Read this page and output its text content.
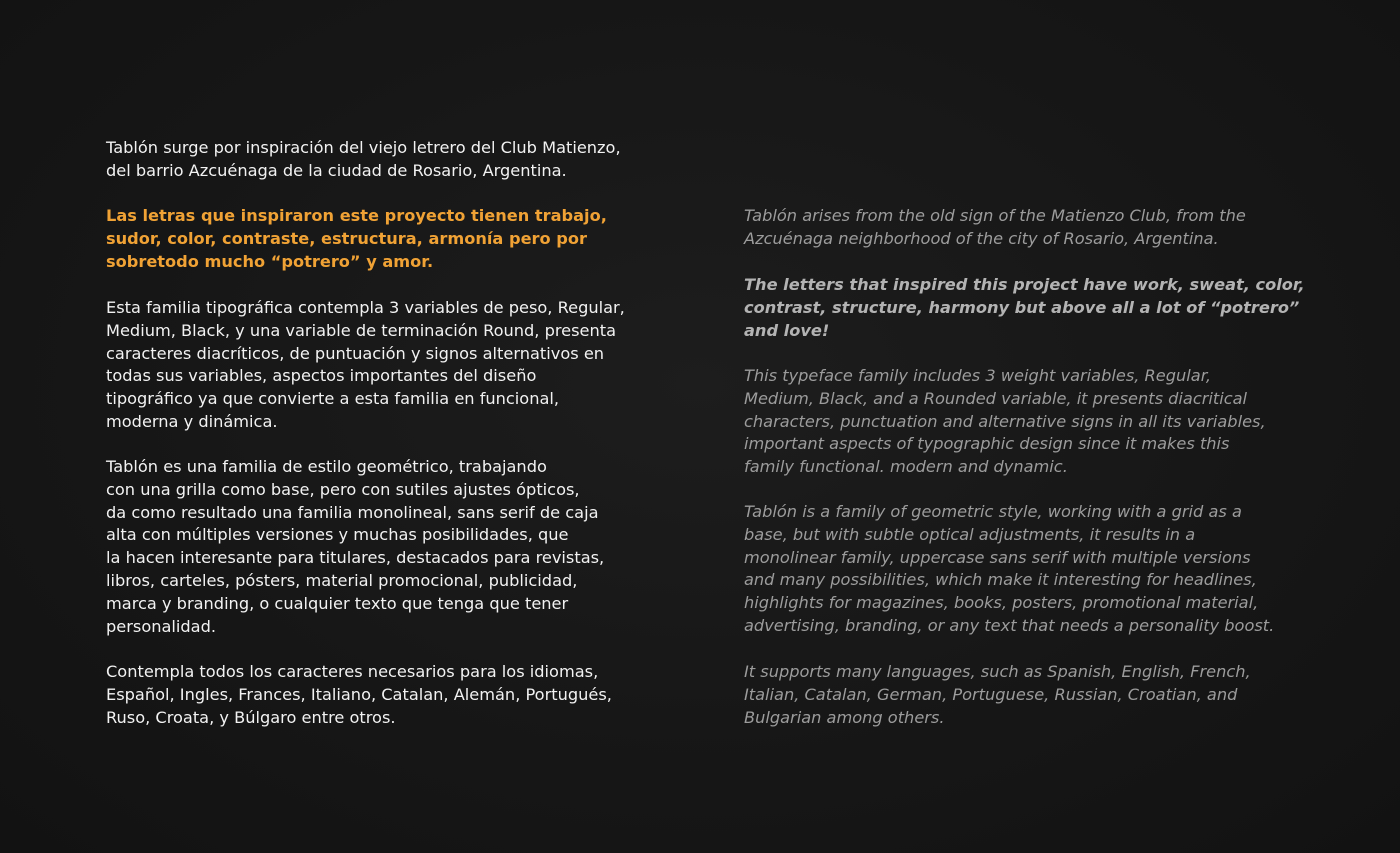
Tablón surge por inspiración del viejo letrero del Club Matienzo,
del barrio Azcuénaga de la ciudad de Rosario, Argentina.

Las letras que inspiraron este proyecto tienen trabajo,
sudor, color, contraste, estructura, armonía pero por
sobretodo mucho “potrero” y amor.

Esta familia tipográfica contempla 3 variables de peso, Regular,
Medium, Black, y una variable de terminación Round, presenta
caracteres diacríticos, de puntuación y signos alternativos en
todas sus variables, aspectos importantes del diseño
tipográfico ya que convierte a esta familia en funcional,
moderna y dinámica.

Tablón es una familia de estilo geométrico, trabajando
con una grilla como base, pero con sutiles ajustes ópticos,
da como resultado una familia monolineal, sans serif de caja
alta con múltiples versiones y muchas posibilidades, que
la hacen interesante para titulares, destacados para revistas,
libros, carteles, pósters, material promocional, publicidad,
marca y branding, o cualquier texto que tenga que tener
personalidad.

Contempla todos los caracteres necesarios para los idiomas,
Español, Ingles, Frances, Italiano, Catalan, Alemán, Portugués,
Ruso, Croata, y Búlgaro entre otros.

Tablón arises from the old sign of the Matienzo Club, from the
Azcuénaga neighborhood of the city of Rosario, Argentina.

The letters that inspired this project have work, sweat, color,
contrast, structure, harmony but above all a lot of “potrero”
and love!

This typeface family includes 3 weight variables, Regular,
Medium, Black, and a Rounded variable, it presents diacritical
characters, punctuation and alternative signs in all its variables,
important aspects of typographic design since it makes this
family functional. modern and dynamic.

Tablón is a family of geometric style, working with a grid as a
base, but with subtle optical adjustments, it results in a
monolinear family, uppercase sans serif with multiple versions
and many possibilities, which make it interesting for headlines,
highlights for magazines, books, posters, promotional material,
advertising, branding, or any text that needs a personality boost.

It supports many languages, such as Spanish, English, French,
Italian, Catalan, German, Portuguese, Russian, Croatian, and
Bulgarian among others.
